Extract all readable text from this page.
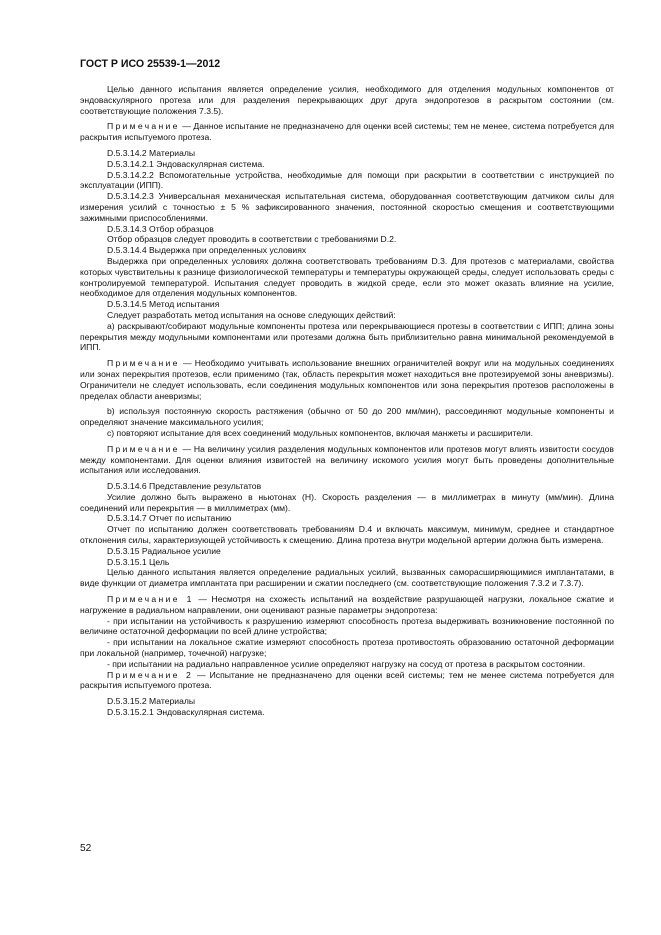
ГОСТ Р ИСО 25539-1—2012

Целью данного испытания является определение усилия, необходимого для отделения модульных компонентов от эндоваскулярного протеза или для разделения перекрывающих друг друга эндопротезов в раскрытом состоянии (см. соответствующие положения 7.3.5).

Примечание — Данное испытание не предназначено для оценки всей системы; тем не менее, система потребуется для раскрытия испытуемого протеза.

D.5.3.14.2 Материалы

D.5.3.14.2.1 Эндоваскулярная система.

D.5.3.14.2.2 Вспомогательные устройства, необходимые для помощи при раскрытии в соответствии с инструкцией по эксплуатации (ИПП).

D.5.3.14.2.3 Универсальная механическая испытательная система, оборудованная соответствующим датчиком силы для измерения усилий с точностью ± 5 % зафиксированного значения, постоянной скоростью смещения и соответствующими зажимными приспособлениями.

D.5.3.14.3 Отбор образцов

Отбор образцов следует проводить в соответствии с требованиями D.2.

D.5.3.14.4 Выдержка при определенных условиях

Выдержка при определенных условиях должна соответствовать требованиям D.3. Для протезов с материалами, свойства которых чувствительны к разнице физиологической температуры и температуры окружающей среды, следует использовать среды с контролируемой температурой. Испытания следует проводить в жидкой среде, если это может оказать влияние на усилие, необходимое для отделения модульных компонентов.

D.5.3.14.5 Метод испытания

Следует разработать метод испытания на основе следующих действий:

a) раскрывают/собирают модульные компоненты протеза или перекрывающиеся протезы в соответствии с ИПП; длина зоны перекрытия между модульными компонентами или протезами должна быть приблизительно равна минимальной рекомендуемой в ИПП.

Примечание — Необходимо учитывать использование внешних ограничителей вокруг или на модульных соединениях или зонах перекрытия протезов, если применимо (так, область перекрытия может находиться вне протезируемой зоны аневризмы). Ограничители не следует использовать, если соединения модульных компонентов или зона перекрытия протезов расположены в пределах области аневризмы;

b) используя постоянную скорость растяжения (обычно от 50 до 200 мм/мин), рассоединяют модульные компоненты и определяют значение максимального усилия;

c) повторяют испытание для всех соединений модульных компонентов, включая манжеты и расширители.

Примечание — На величину усилия разделения модульных компонентов или протезов могут влиять извитости сосудов между компонентами. Для оценки влияния извитостей на величину искомого усилия могут быть проведены дополнительные испытания или исследования.

D.5.3.14.6 Представление результатов

Усилие должно быть выражено в ньютонах (Н). Скорость разделения — в миллиметрах в минуту (мм/мин). Длина соединений или перекрытия — в миллиметрах (мм).

D.5.3.14.7 Отчет по испытанию

Отчет по испытанию должен соответствовать требованиям D.4 и включать максимум, минимум, среднее и стандартное отклонения силы, характеризующей устойчивость к смещению. Длина протеза внутри модельной артерии должна быть измерена.

D.5.3.15 Радиальное усилие

D.5.3.15.1 Цель

Целью данного испытания является определение радиальных усилий, вызванных саморасширяющимися имплантатами, в виде функции от диаметра имплантата при расширении и сжатии последнего (см. соответствующие положения 7.3.2 и 7.3.7).

Примечание 1 — Несмотря на схожесть испытаний на воздействие разрушающей нагрузки, локальное сжатие и нагружение в радиальном направлении, они оценивают разные параметры эндопротеза:

- при испытании на устойчивость к разрушению измеряют способность протеза выдерживать возникновение постоянной по величине остаточной деформации по всей длине устройства;

- при испытании на локальное сжатие измеряют способность протеза противостоять образованию остаточной деформации при локальной (например, точечной) нагрузке;

- при испытании на радиально направленное усилие определяют нагрузку на сосуд от протеза в раскрытом состоянии.

Примечание 2 — Испытание не предназначено для оценки всей системы; тем не менее система потребуется для раскрытия испытуемого протеза.

D.5.3.15.2 Материалы

D.5.3.15.2.1 Эндоваскулярная система.

52
